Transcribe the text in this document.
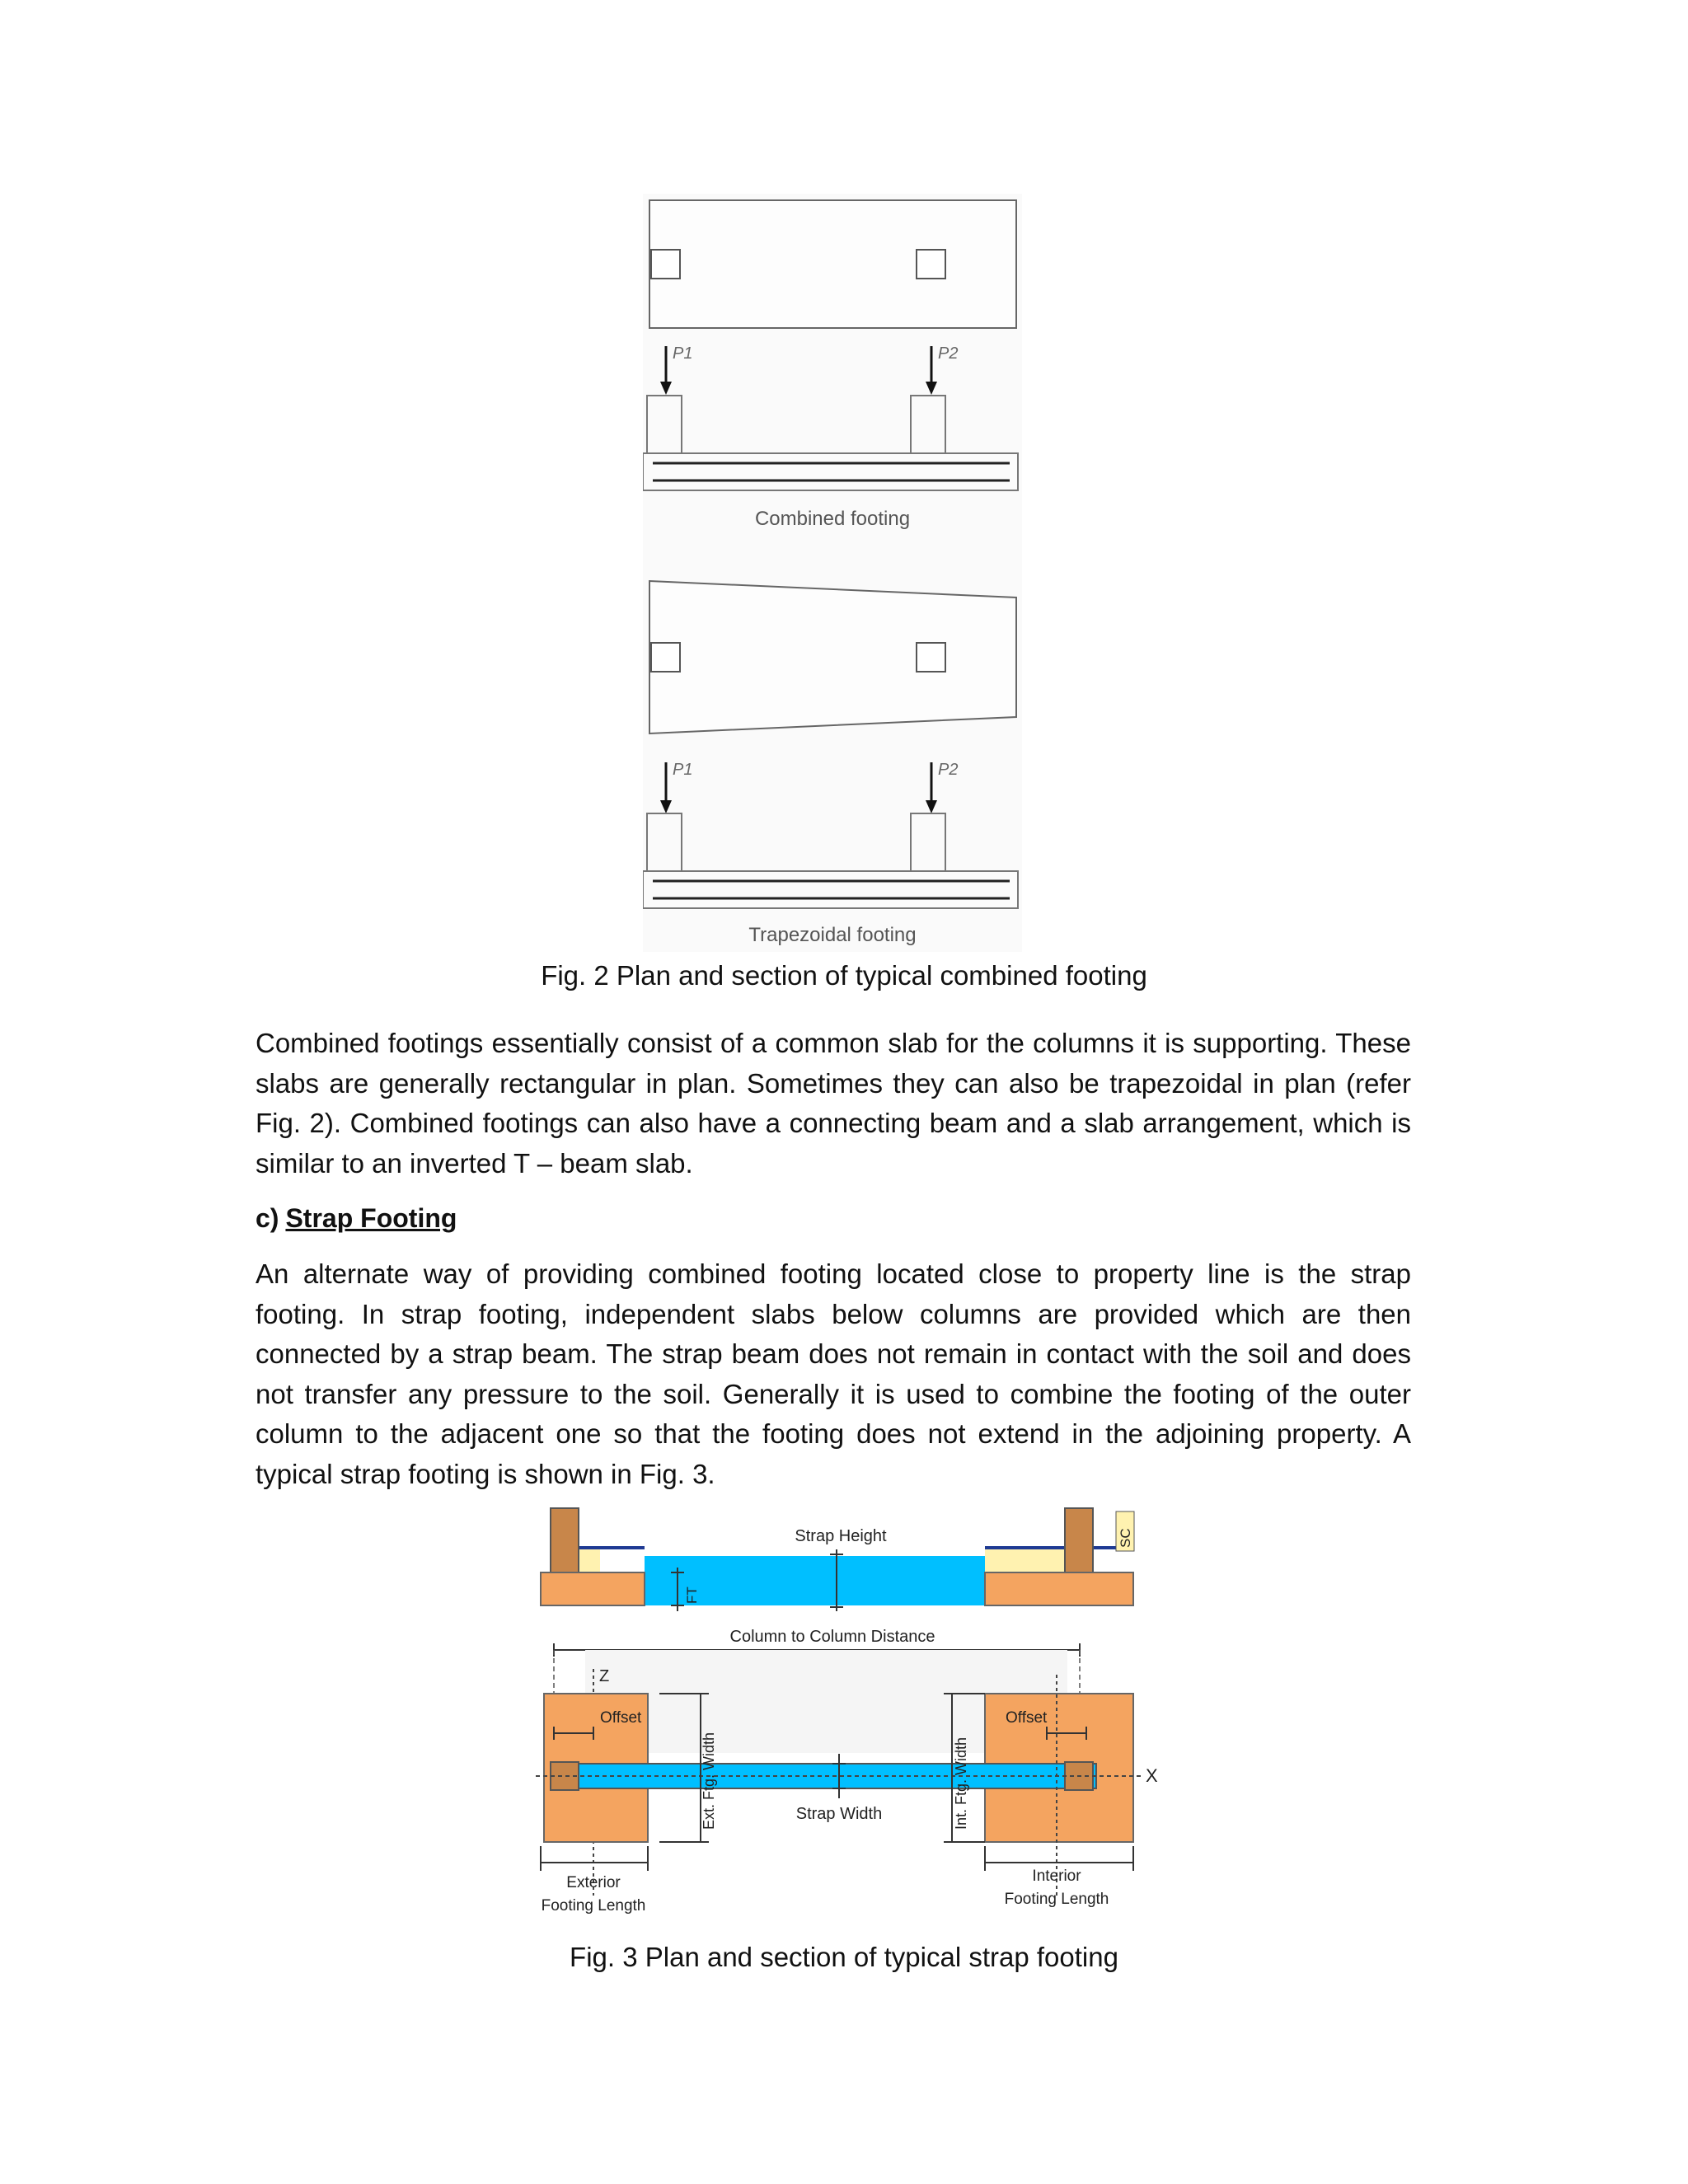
P1	P2
Combined footing
P1	P2
Trapezoidal footing
Fig. 2 Plan and section of typical combined footing
Combined footings essentially consist of a common slab for the columns it is supporting. These slabs are generally rectangular in plan. Sometimes they can also be trapezoidal in plan (refer Fig. 2). Combined footings can also have a connecting beam and a slab arrangement, which is similar to an inverted T – beam slab.
c) Strap Footing
An alternate way of providing combined footing located close to property line is the strap footing. In strap footing, independent slabs below columns are provided which are then connected by a strap beam. The strap beam does not remain in contact with the soil and does not transfer any pressure to the soil. Generally it is used to combine the footing of the outer column to the adjacent one so that the footing does not extend in the adjoining property. A typical strap footing is shown in Fig. 3.
SC
Strap Height
FT
Column to Column Distance
Z
X
Offset	Offset
Ext. Ftg. Width	Int. Ftg. Width
Strap Width
Exterior
Footing Length
Interior
Footing Length
Fig. 3 Plan and section of typical strap footing
